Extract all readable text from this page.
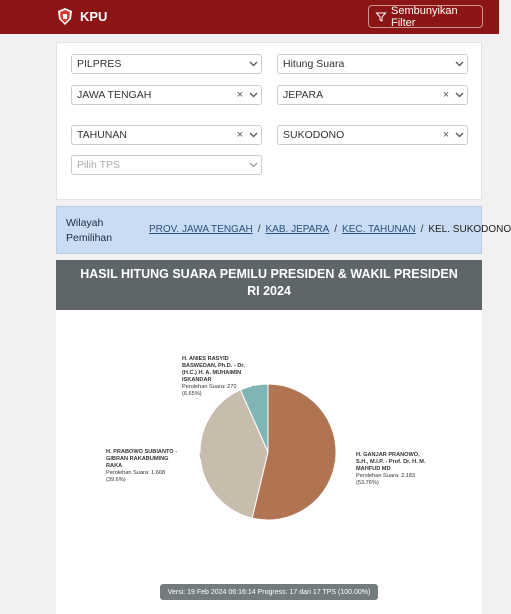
KPU	Sembunyikan Filter
PILPRES	Hitung Suara
JAWA TENGAH	×	JEPARA	×
TAHUNAN	×	SUKODONO	×
Pilih TPS
Wilayah Pemilihan
PROV. JAWA TENGAH / KAB. JEPARA / KEC. TAHUNAN / KEL. SUKODONO
HASIL HITUNG SUARA PEMILU PRESIDEN & WAKIL PRESIDEN
RI 2024
H. ANIES RASYID
BASWEDAN, Ph.D. - Dr.
(H.C.) H. A. MUHAIMIN
ISKANDAR
Perolehan Suara: 270
(6.65%)
H. PRABOWO SUBIANTO -
GIBRAN RAKABUMING
RAKA
Perolehan Suara: 1.608
(39.6%)
H. GANJAR PRANOWO,
S.H., M.I.P. - Prof. Dr. H. M.
MAHFUD MD
Perolehan Suara: 2.183
(53.76%)
Versi: 19 Feb 2024 06:16:14 Progress: 17 dari 17 TPS (100.00%)
